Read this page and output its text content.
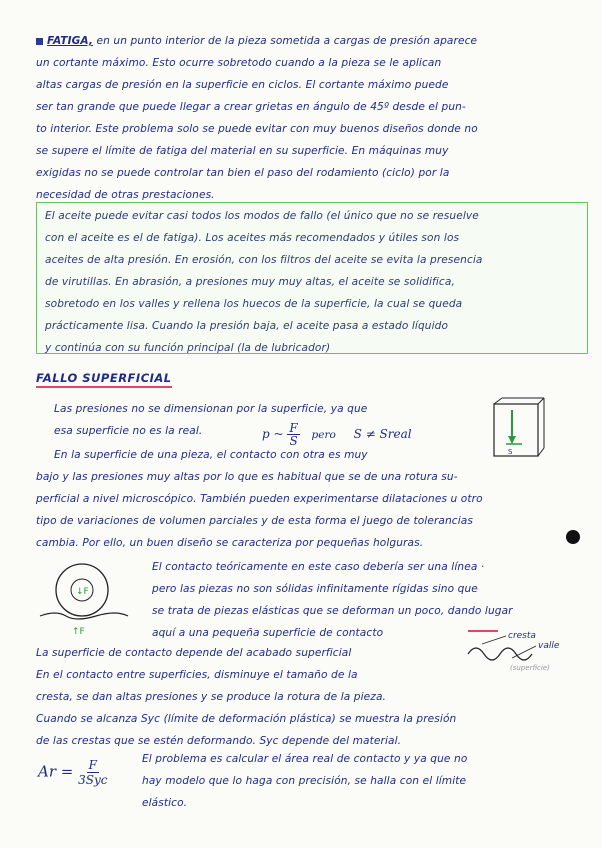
FATIGA, en un punto interior de la pieza sometida a cargas de presión aparece
un cortante máximo. Esto ocurre sobretodo cuando a la pieza se le aplican
altas cargas de presión en la superficie en ciclos. El cortante máximo puede
ser tan grande que puede llegar a crear grietas en ángulo de 45º desde el pun-
to interior. Este problema solo se puede evitar con muy buenos diseños donde no
se supere el límite de fatiga del material en su superficie. En máquinas muy
exigidas no se puede controlar tan bien el paso del rodamiento (ciclo) por la
necesidad de otras prestaciones.
El aceite puede evitar casi todos los modos de fallo (el único que no se resuelve
con el aceite es el de fatiga). Los aceites más recomendados y útiles son los
aceites de alta presión. En erosión, con los filtros del aceite se evita la presencia
de virutillas. En abrasión, a presiones muy muy altas, el aceite se solidifica,
sobretodo en los valles y rellena los huecos de la superficie, la cual se queda
prácticamente lisa. Cuando la presión baja, el aceite pasa a estado líquido
y continúa con su función principal (la de lubricador)
FALLO SUPERFICIAL
Las presiones no se dimensionan por la superficie, ya que
esa superficie no es la real.	p ~ $\frac{F}{S}$ pero S ≠ Sreal
S
En la superficie de una pieza, el contacto con otra es muy
bajo y las presiones muy altas por lo que es habitual que se de una rotura su-
perficial a nivel microscópico. También pueden experimentarse dilataciones u otro
tipo de variaciones de volumen parciales y de esta forma el juego de tolerancias
cambia. Por ello, un buen diseño se caracteriza por pequeñas holguras.
↓F
↑F
El contacto teóricamente en este caso debería ser una línea ·
pero las piezas no son sólidas infinitamente rígidas sino que
se trata de piezas elásticas que se deforman un poco, dando lugar
aquí a una pequeña superficie de contacto	cresta
valle
(superficie)
La superficie de contacto depende del acabado superficial
En el contacto entre superficies, disminuye el tamaño de la
cresta, se dan altas presiones y se produce la rotura de la pieza.
Cuando se alcanza Syc (límite de deformación plástica) se muestra la presión
de las crestas que se estén deformando. Syc depende del material.
$Ar = \frac{F}{\text{3Syc}}$	El problema es calcular el área real de contacto y ya que no
hay modelo que lo haga con precisión, se halla con el límite
elástico.
